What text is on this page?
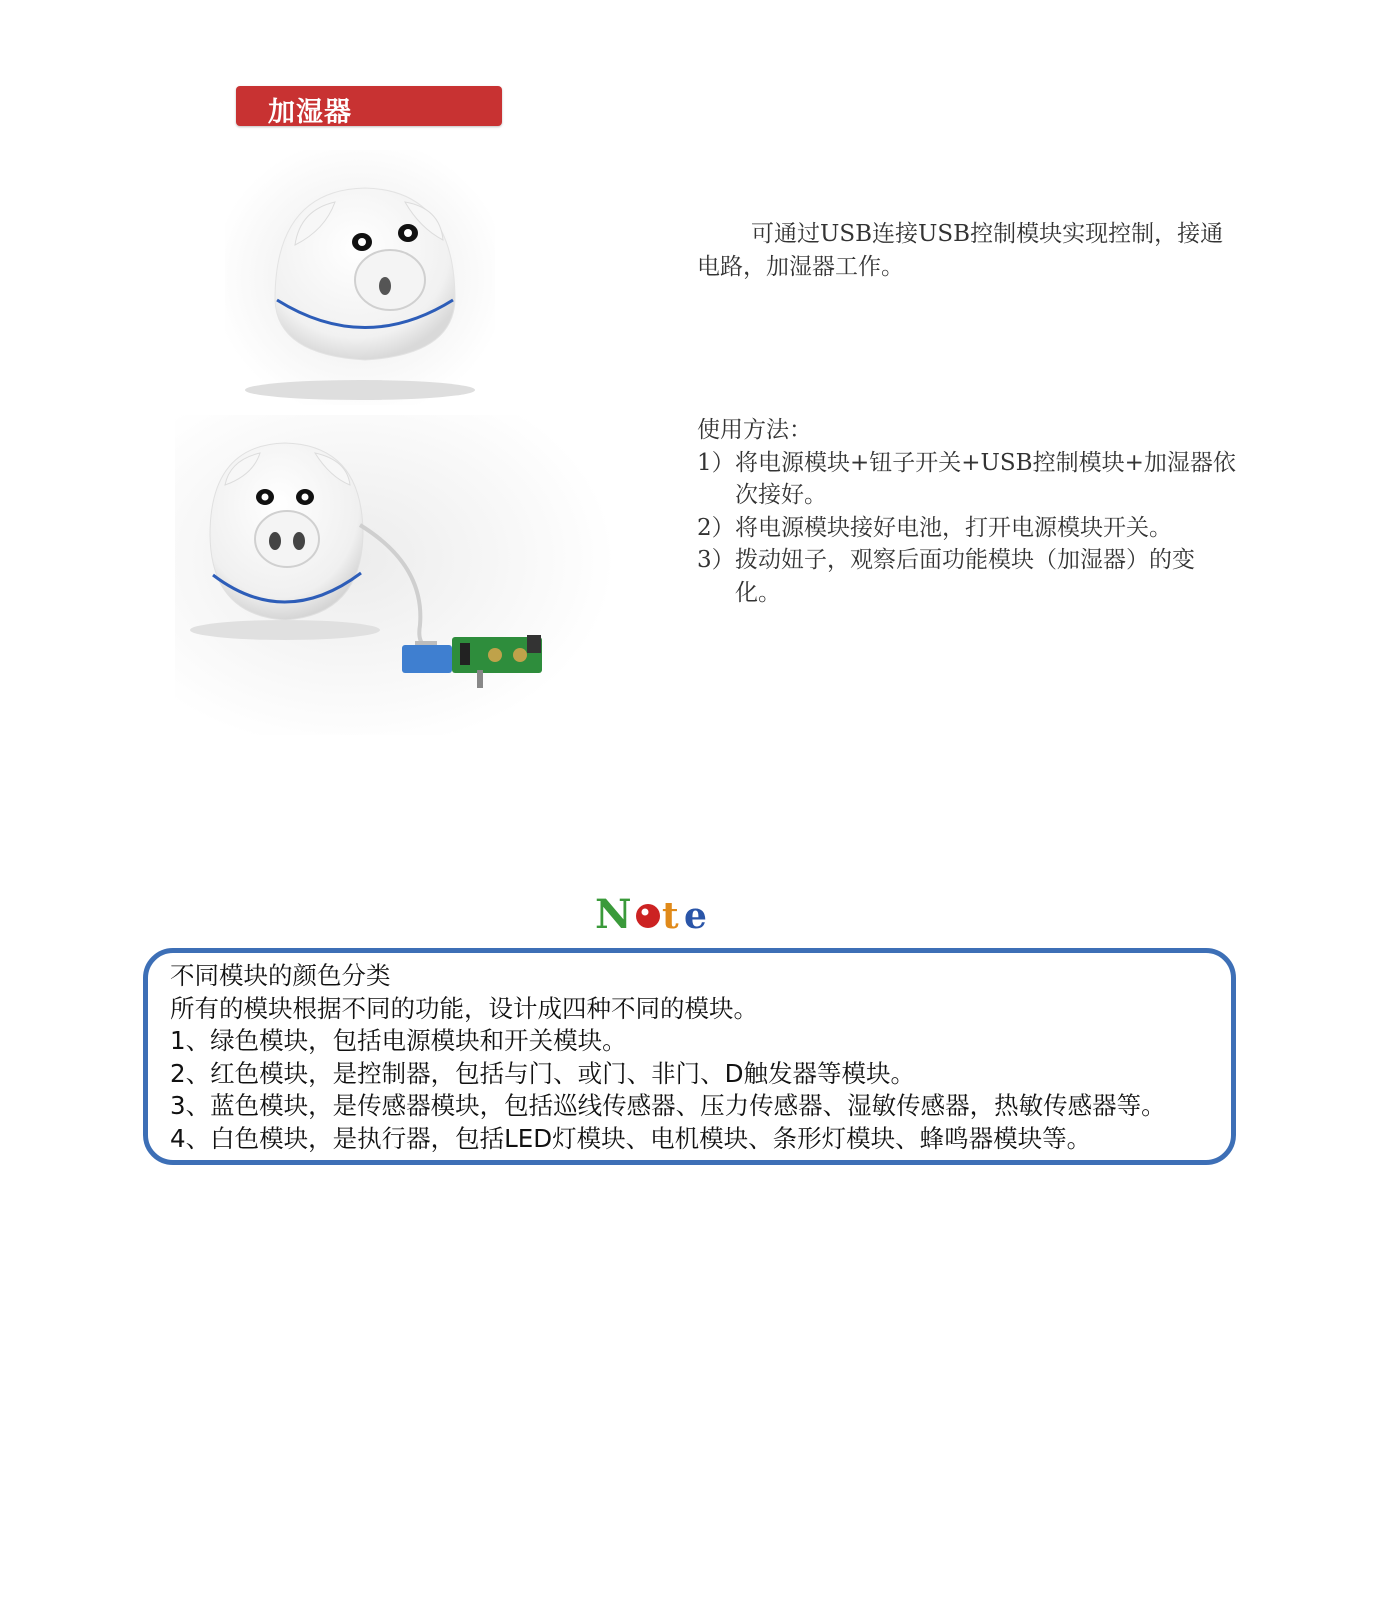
加湿器

可通过USB连接USB控制模块实现控制，接通电路，加湿器工作。

使用方法：

1） 将电源模块+钮子开关+USB控制模块+加湿器依次接好。
2） 将电源模块接好电池，打开电源模块开关。
3） 拨动妞子，观察后面功能模块（加湿器）的变化。
N t e
不同模块的颜色分类
所有的模块根据不同的功能，设计成四种不同的模块。
1、绿色模块，包括电源模块和开关模块。
2、红色模块，是控制器，包括与门、或门、非门、D触发器等模块。
3、蓝色模块，是传感器模块，包括巡线传感器、压力传感器、湿敏传感器，热敏传感器等。
4、白色模块，是执行器，包括LED灯模块、电机模块、条形灯模块、蜂鸣器模块等。
